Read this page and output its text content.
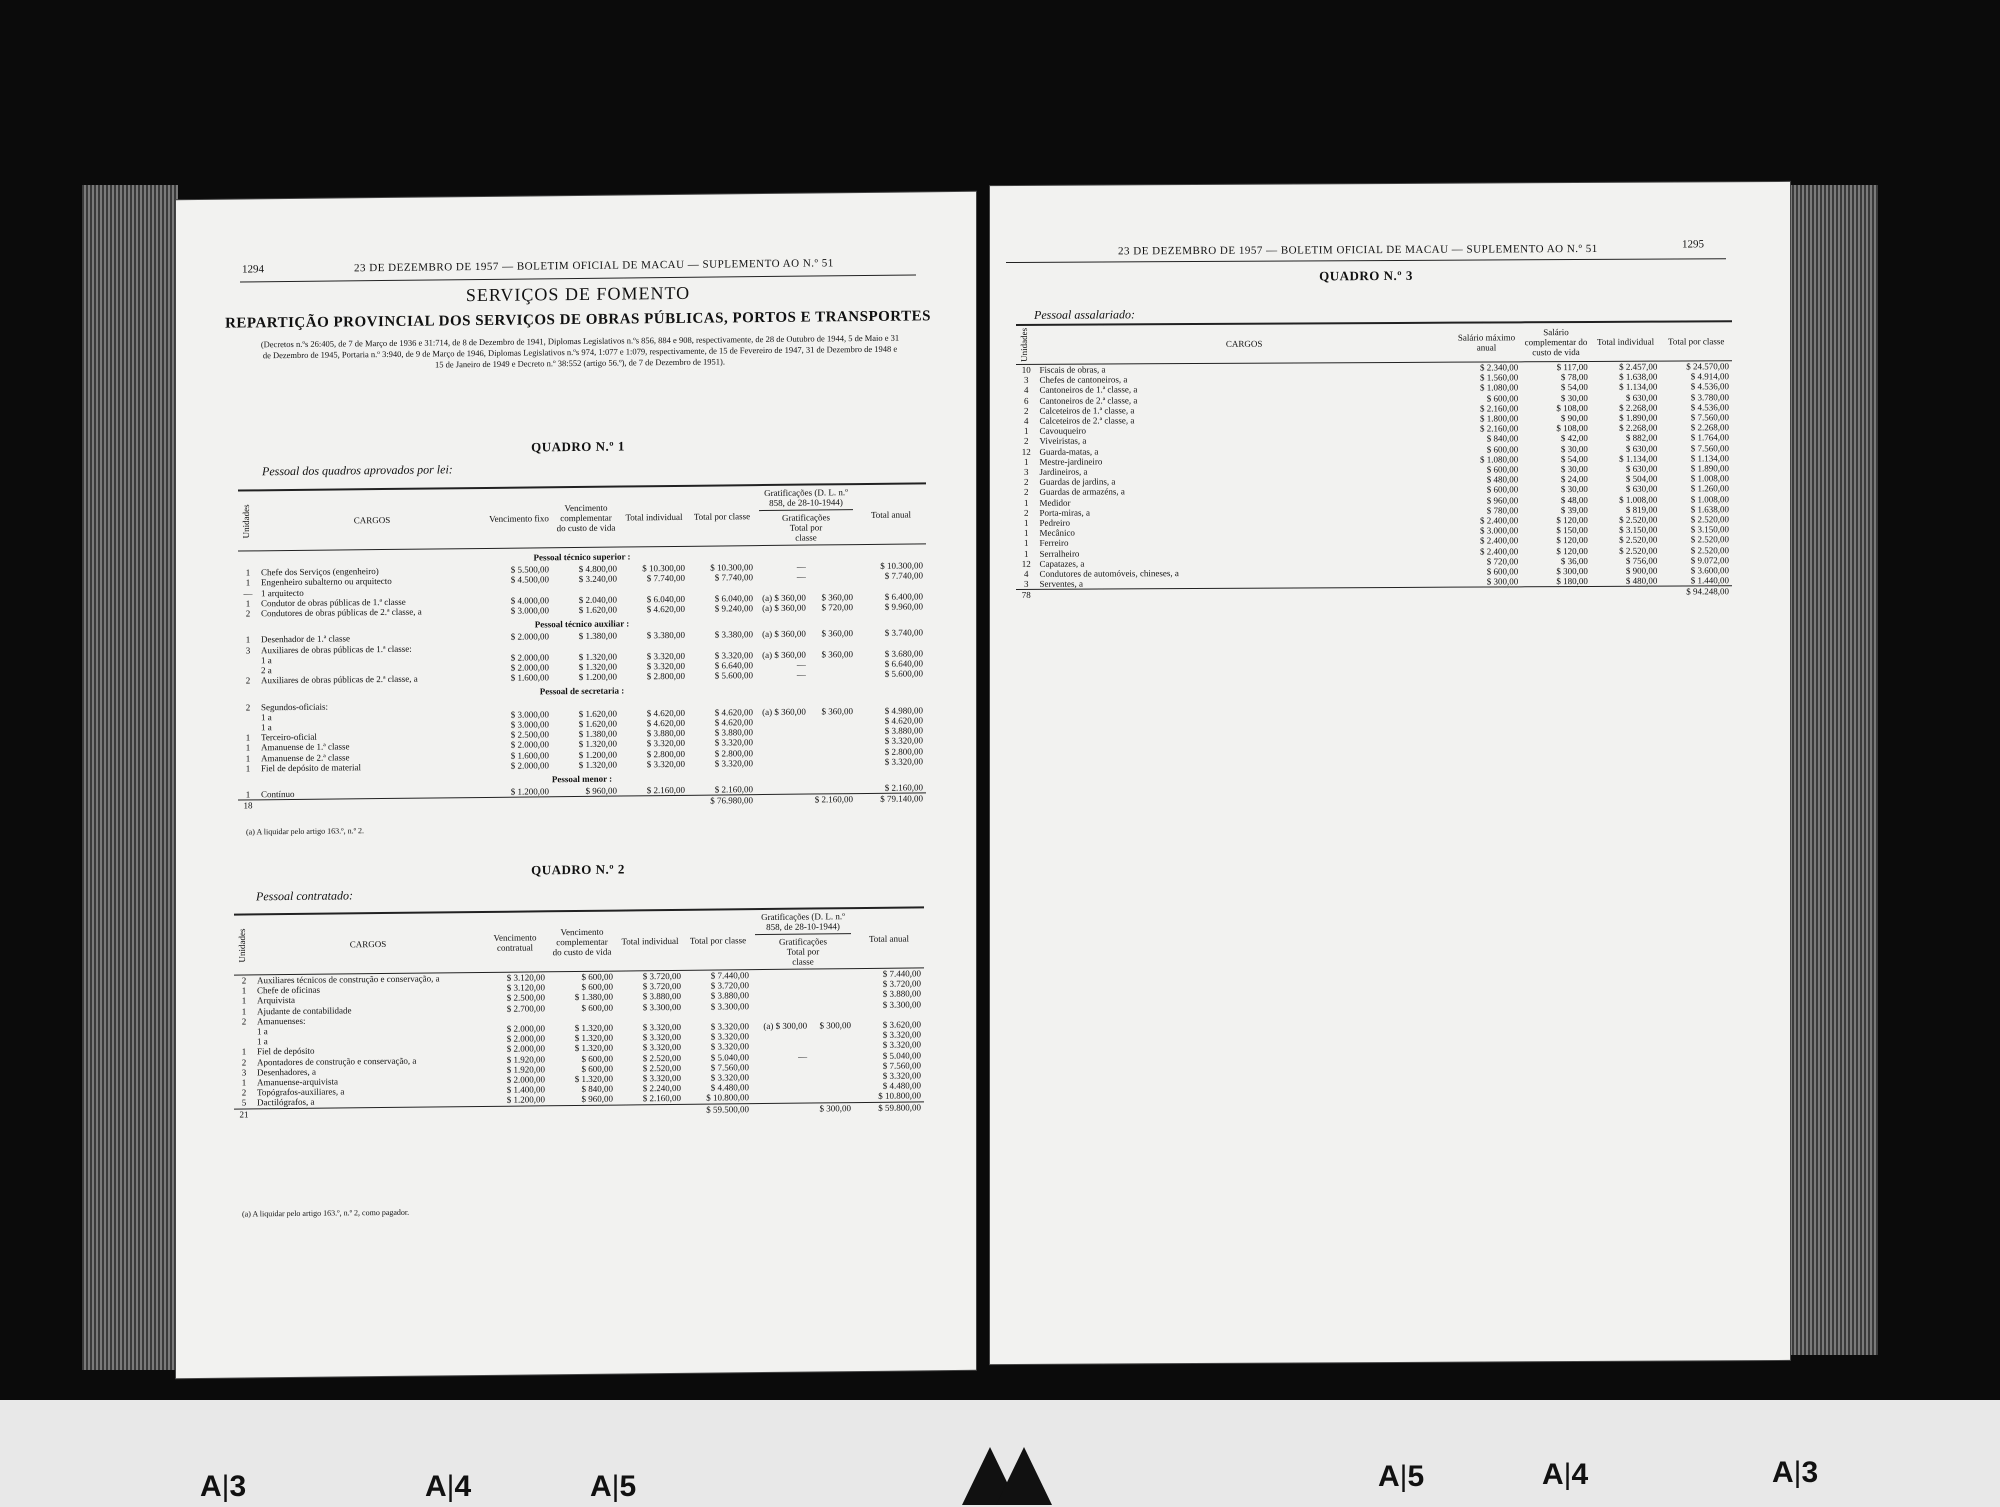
1294	23 DE DEZEMBRO DE 1957 — BOLETIM OFICIAL DE MACAU — SUPLEMENTO AO N.º 51
SERVIÇOS DE FOMENTO
REPARTIÇÃO PROVINCIAL DOS SERVIÇOS DE OBRAS PÚBLICAS, PORTOS E TRANSPORTES
(Decretos n.ºs 26:405, de 7 de Março de 1936 e 31:714, de 8 de Dezembro de 1941, Diplomas Legislativos n.ºs 856, 884 e 908, respectivamente, de 28 de Outubro de 1944, 5 de Maio e 31 de Dezembro de 1945, Portaria n.º 3:940, de 9 de Março de 1946, Diplomas Legislativos n.ºs 974, 1:077 e 1:079, respectivamente, de 15 de Fevereiro de 1947, 31 de Dezembro de 1948 e 15 de Janeiro de 1949 e Decreto n.º 38:552 (artigo 56.º), de 7 de Dezembro de 1951).
QUADRO N.º 1
Pessoal dos quadros aprovados por lei:
Unidades	CARGOS	Vencimento fixo	Vencimento complementar do custo de vida	Total individual	Total por classe	Gratificações (D. L. n.º 858, de 28-10-1944)
Gratificações Total por classe		Total anual
Pessoal técnico superior :								
1	Chefe dos Serviços (engenheiro)	$ 5.500,00	$ 4.800,00	$ 10.300,00	$ 10.300,00	—		$ 10.300,00
1	Engenheiro subalterno ou arquitecto	$ 4.500,00	$ 3.240,00	$ 7.740,00	$ 7.740,00	—		$ 7.740,00
—	1 arquitecto							
1	Condutor de obras públicas de 1.ª classe	$ 4.000,00	$ 2.040,00	$ 6.040,00	$ 6.040,00	(a) $ 360,00	$ 360,00	$ 6.400,00
2	Condutores de obras públicas de 2.ª classe, a	$ 3.000,00	$ 1.620,00	$ 4.620,00	$ 9.240,00	(a) $ 360,00	$ 720,00	$ 9.960,00
Pessoal técnico auxiliar :								
1	Desenhador de 1.ª classe	$ 2.000,00	$ 1.380,00	$ 3.380,00	$ 3.380,00	(a) $ 360,00	$ 360,00	$ 3.740,00
3	Auxiliares de obras públicas de 1.ª classe:							
	1 a	$ 2.000,00	$ 1.320,00	$ 3.320,00	$ 3.320,00	(a) $ 360,00	$ 360,00	$ 3.680,00
	2 a	$ 2.000,00	$ 1.320,00	$ 3.320,00	$ 6.640,00	—		$ 6.640,00
2	Auxiliares de obras públicas de 2.ª classe, a	$ 1.600,00	$ 1.200,00	$ 2.800,00	$ 5.600,00	—		$ 5.600,00
Pessoal de secretaria :								
2	Segundos-oficiais:							
	1 a	$ 3.000,00	$ 1.620,00	$ 4.620,00	$ 4.620,00	(a) $ 360,00	$ 360,00	$ 4.980,00
	1 a	$ 3.000,00	$ 1.620,00	$ 4.620,00	$ 4.620,00			$ 4.620,00
1	Terceiro-oficial	$ 2.500,00	$ 1.380,00	$ 3.880,00	$ 3.880,00			$ 3.880,00
1	Amanuense de 1.ª classe	$ 2.000,00	$ 1.320,00	$ 3.320,00	$ 3.320,00			$ 3.320,00
1	Amanuense de 2.ª classe	$ 1.600,00	$ 1.200,00	$ 2.800,00	$ 2.800,00			$ 2.800,00
1	Fiel de depósito de material	$ 2.000,00	$ 1.320,00	$ 3.320,00	$ 3.320,00			$ 3.320,00
Pessoal menor :								
1	Contínuo	$ 1.200,00	$ 960,00	$ 2.160,00	$ 2.160,00			$ 2.160,00
18					$ 76.980,00		$ 2.160,00	$ 79.140,00
(a) A liquidar pelo artigo 163.º, n.º 2.
QUADRO N.º 2
Pessoal contratado:
Unidades	CARGOS	Vencimento contratual	Vencimento complementar do custo de vida	Total individual	Total por classe	Gratificações (D. L. n.º 858, de 28-10-1944)
Gratificações Total por classe		Total anual
2	Auxiliares técnicos de construção e conservação, a	$ 3.120,00	$ 600,00	$ 3.720,00	$ 7.440,00			$ 7.440,00
1	Chefe de oficinas	$ 3.120,00	$ 600,00	$ 3.720,00	$ 3.720,00			$ 3.720,00
1	Arquivista	$ 2.500,00	$ 1.380,00	$ 3.880,00	$ 3.880,00			$ 3.880,00
1	Ajudante de contabilidade	$ 2.700,00	$ 600,00	$ 3.300,00	$ 3.300,00			$ 3.300,00
2	Amanuenses:							
	1 a	$ 2.000,00	$ 1.320,00	$ 3.320,00	$ 3.320,00	(a) $ 300,00	$ 300,00	$ 3.620,00
	1 a	$ 2.000,00	$ 1.320,00	$ 3.320,00	$ 3.320,00			$ 3.320,00
1	Fiel de depósito	$ 2.000,00	$ 1.320,00	$ 3.320,00	$ 3.320,00			$ 3.320,00
2	Apontadores de construção e conservação, a	$ 1.920,00	$ 600,00	$ 2.520,00	$ 5.040,00	—		$ 5.040,00
3	Desenhadores, a	$ 1.920,00	$ 600,00	$ 2.520,00	$ 7.560,00			$ 7.560,00
1	Amanuense-arquivista	$ 2.000,00	$ 1.320,00	$ 3.320,00	$ 3.320,00			$ 3.320,00
2	Topógrafos-auxiliares, a	$ 1.400,00	$ 840,00	$ 2.240,00	$ 4.480,00			$ 4.480,00
5	Dactilógrafos, a	$ 1.200,00	$ 960,00	$ 2.160,00	$ 10.800,00			$ 10.800,00
21					$ 59.500,00		$ 300,00	$ 59.800,00
(a) A liquidar pelo artigo 163.º, n.º 2, como pagador.
23 DE DEZEMBRO DE 1957 — BOLETIM OFICIAL DE MACAU — SUPLEMENTO AO N.º 51	1295
QUADRO N.º 3
Pessoal assalariado:
Unidades	CARGOS	Salário máximo anual	Salário complementar do custo de vida	Total individual	Total por classe
10	Fiscais de obras, a	$ 2.340,00	$ 117,00	$ 2.457,00	$ 24.570,00
3	Chefes de cantoneiros, a	$ 1.560,00	$ 78,00	$ 1.638,00	$ 4.914,00
4	Cantoneiros de 1.ª classe, a	$ 1.080,00	$ 54,00	$ 1.134,00	$ 4.536,00
6	Cantoneiros de 2.ª classe, a	$ 600,00	$ 30,00	$ 630,00	$ 3.780,00
2	Calceteiros de 1.ª classe, a	$ 2.160,00	$ 108,00	$ 2.268,00	$ 4.536,00
4	Calceteiros de 2.ª classe, a	$ 1.800,00	$ 90,00	$ 1.890,00	$ 7.560,00
1	Cavouqueiro	$ 2.160,00	$ 108,00	$ 2.268,00	$ 2.268,00
2	Viveiristas, a	$ 840,00	$ 42,00	$ 882,00	$ 1.764,00
12	Guarda-matas, a	$ 600,00	$ 30,00	$ 630,00	$ 7.560,00
1	Mestre-jardineiro	$ 1.080,00	$ 54,00	$ 1.134,00	$ 1.134,00
3	Jardineiros, a	$ 600,00	$ 30,00	$ 630,00	$ 1.890,00
2	Guardas de jardins, a	$ 480,00	$ 24,00	$ 504,00	$ 1.008,00
2	Guardas de armazéns, a	$ 600,00	$ 30,00	$ 630,00	$ 1.260,00
1	Medidor	$ 960,00	$ 48,00	$ 1.008,00	$ 1.008,00
2	Porta-miras, a	$ 780,00	$ 39,00	$ 819,00	$ 1.638,00
1	Pedreiro	$ 2.400,00	$ 120,00	$ 2.520,00	$ 2.520,00
1	Mecânico	$ 3.000,00	$ 150,00	$ 3.150,00	$ 3.150,00
1	Ferreiro	$ 2.400,00	$ 120,00	$ 2.520,00	$ 2.520,00
1	Serralheiro	$ 2.400,00	$ 120,00	$ 2.520,00	$ 2.520,00
12	Capatazes, a	$ 720,00	$ 36,00	$ 756,00	$ 9.072,00
4	Condutores de automóveis, chineses, a	$ 600,00	$ 300,00	$ 900,00	$ 3.600,00
3	Serventes, a	$ 300,00	$ 180,00	$ 480,00	$ 1.440,00
78					$ 94.248,00
A|3	A|4	A|5	A|5	A|4	A|3
